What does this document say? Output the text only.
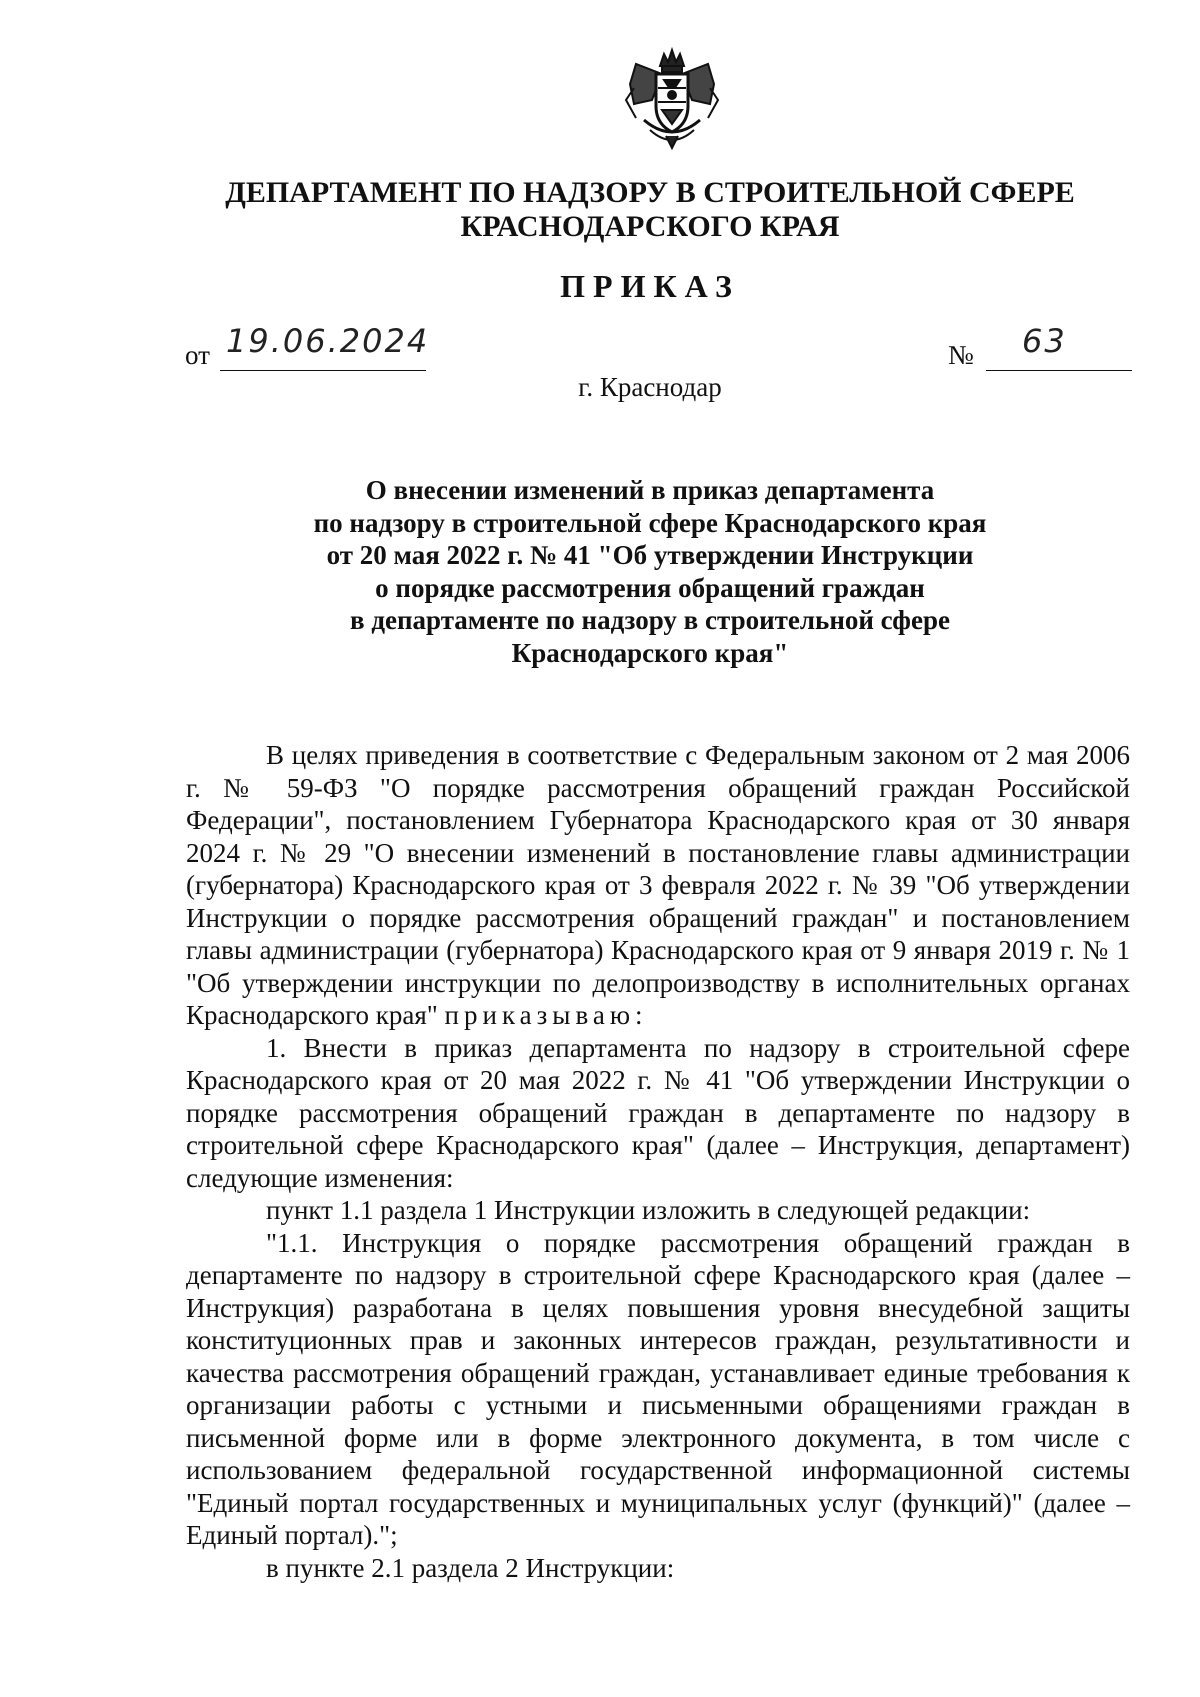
ДЕПАРТАМЕНТ ПО НАДЗОРУ В СТРОИТЕЛЬНОЙ СФЕРЕ
КРАСНОДАРСКОГО КРАЯ
ПРИКАЗ
от 19.06.2024	№ 63
г. Краснодар
О внесении изменений в приказ департамента
по надзору в строительной сфере Краснодарского края
от 20 мая 2022 г. № 41 "Об утверждении Инструкции
о порядке рассмотрения обращений граждан
в департаменте по надзору в строительной сфере
Краснодарского края"

В целях приведения в соответствие с Федеральным законом от 2 мая 2006 г. № 59-ФЗ "О порядке рассмотрения обращений граждан Российской Федерации", постановлением Губернатора Краснодарского края от 30 января 2024 г. № 29 "О внесении изменений в постановление главы администрации (губернатора) Краснодарского края от 3 февраля 2022 г. № 39 "Об утверждении Инструкции о порядке рассмотрения обращений граждан" и постановлением главы администрации (губернатора) Краснодарского края от 9 января 2019 г. № 1 "Об утверждении инструкции по делопроизводству в исполнительных органах Краснодарского края" приказываю:

1. Внести в приказ департамента по надзору в строительной сфере Краснодарского края от 20 мая 2022 г. № 41 "Об утверждении Инструкции о порядке рассмотрения обращений граждан в департаменте по надзору в строительной сфере Краснодарского края" (далее – Инструкция, департамент) следующие изменения:

пункт 1.1 раздела 1 Инструкции изложить в следующей редакции:

"1.1. Инструкция о порядке рассмотрения обращений граждан в департаменте по надзору в строительной сфере Краснодарского края (далее – Инструкция) разработана в целях повышения уровня внесудебной защиты конституционных прав и законных интересов граждан, результативности и качества рассмотрения обращений граждан, устанавливает единые требования к организации работы с устными и письменными обращениями граждан в письменной форме или в форме электронного документа, в том числе с использованием федеральной государственной информационной системы "Единый портал государственных и муниципальных услуг (функций)" (далее – Единый портал).";

в пункте 2.1 раздела 2 Инструкции:
